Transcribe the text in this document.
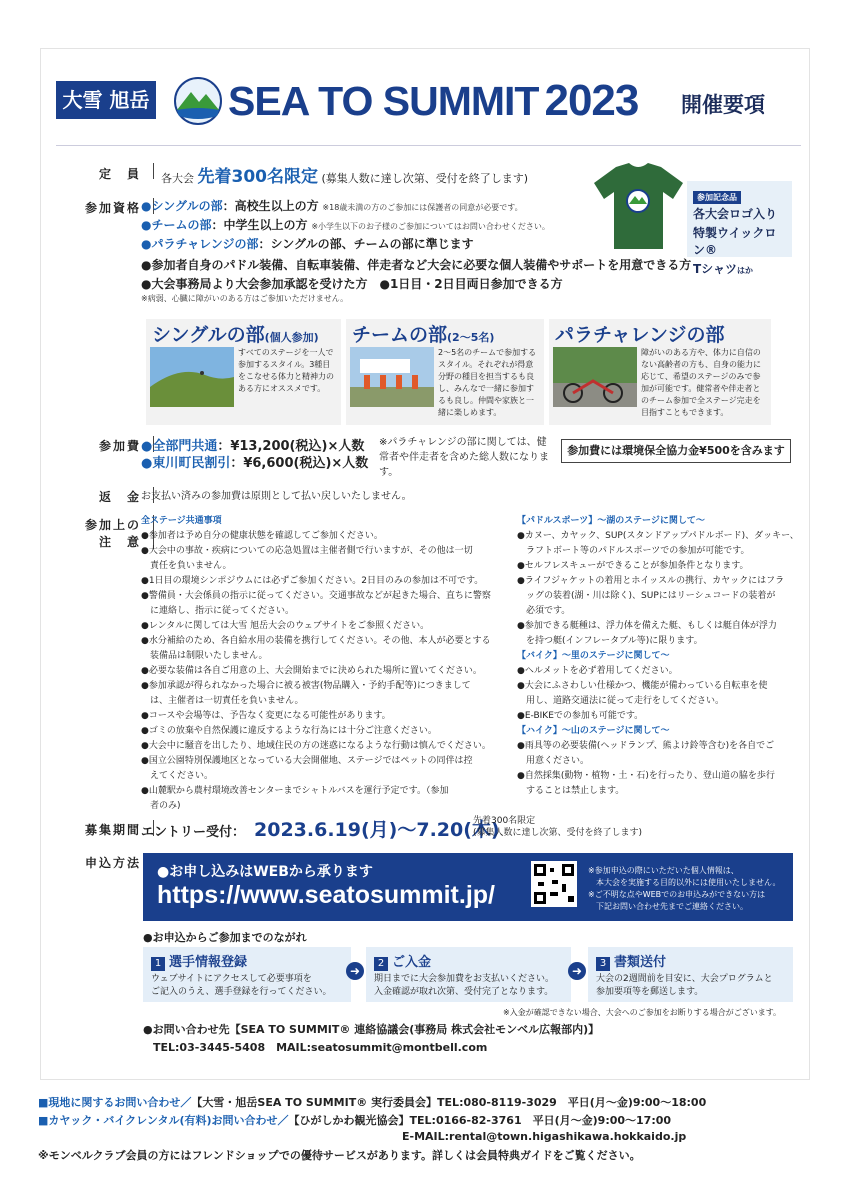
大雪 旭岳 SEA TO SUMMIT 2023 開催要項
定　員	各大会 先着300名限定 (募集人数に達し次第、受付を終了します)
参加資格 ●シングルの部：高校生以上の方 ※18歳未満の方のご参加には保護者の同意が必要です。
●チームの部：中学生以上の方 ※小学生以下のお子様のご参加についてはお問い合わせください。
●パラチャレンジの部：シングルの部、チームの部に準じます
●参加者自身のパドル装備、自転車装備、伴走者など大会に必要な個人装備やサポートを用意できる方
●大会事務局より大会参加承認を受けた方　●1日目・2日目両日参加できる方
※病弱、心臓に障がいのある方はご参加いただけません。
参加記念品
各大会ロゴ入り
特製ウイックロン®
Tシャツはか
シングルの部(個人参加)
すべてのステージを一人で参加するスタイル。3種目をこなせる体力と精神力のある方にオススメです。
チームの部(2〜5名)
2〜5名のチームで参加するスタイル。それぞれが得意分野の種目を担当するも良し、みんなで一緒に参加するも良し。仲間や家族と一緒に楽しめます。
パラチャレンジの部
障がいのある方や、体力に自信のない高齢者の方も、自身の能力に応じて、希望のステージのみで参加が可能です。健常者や伴走者とのチーム参加で全ステージ完走を目指すこともできます。
参加費 ●全部門共通：¥13,200(税込)×人数
●東川町民割引：¥6,600(税込)×人数
※パラチャレンジの部に関しては、健常者や伴走者を含めた総人数になります。
参加費には環境保全協力金¥500を含みます
返　金 お支払い済みの参加費は原則として払い戻しいたしません。
参加上の
注　意

全ステージ共通事項

●参加者は予め自分の健康状態を確認してご参加ください。

●大会中の事故・疾病についての応急処置は主催者側で行いますが、その他は一切

　責任を負いません。

●1日目の環境シンポジウムには必ずご参加ください。2日目のみの参加は不可です。

●警備員・大会係員の指示に従ってください。交通事故などが起きた場合、直ちに警察

　に連絡し、指示に従ってください。

●レンタルに関しては大雪 旭岳大会のウェブサイトをご参照ください。

●水分補給のため、各自給水用の装備を携行してください。その他、本人が必要とする

　装備品は制限いたしません。

●必要な装備は各自ご用意の上、大会開始までに決められた場所に置いてください。

●参加承認が得られなかった場合に被る被害(物品購入・予約手配等)につきまして

　は、主催者は一切責任を負いません。

●コースや会場等は、予告なく変更になる可能性があります。

●ゴミの放棄や自然保護に違反するような行為には十分ご注意ください。

●大会中に騒音を出したり、地域住民の方の迷惑になるような行動は慎んでください。

●国立公園特別保護地区となっている大会開催地、ステージではペットの同伴は控

　えてください。

●山麓駅から農村環境改善センターまでシャトルバスを運行予定です。（参加

　者のみ)

【パドルスポーツ】〜湖のステージに関して〜

●カヌー、カヤック、SUP(スタンドアップパドルボード)、ダッキー、

　ラフトボート等のパドルスポーツでの参加が可能です。

●セルフレスキューができることが参加条件となります。

●ライフジャケットの着用とホイッスルの携行、カヤックにはフラ

　ッグの装着(湖・川は除く)、SUPにはリーシュコードの装着が

　必須です。

●参加できる艇種は、浮力体を備えた艇、もしくは艇自体が浮力

　を持つ艇(インフレータブル等)に限ります。

【バイク】〜里のステージに関して〜

●ヘルメットを必ず着用してください。

●大会にふさわしい仕様かつ、機能が備わっている自転車を使

　用し、道路交通法に従って走行をしてください。

●E-BIKEでの参加も可能です。

【ハイク】〜山のステージに関して〜

●雨具等の必要装備(ヘッドランプ、熊よけ鈴等含む)を各自でご

　用意ください。

●自然採集(動物・植物・土・石)を行ったり、登山道の脇を歩行

　することは禁止します。

募集期間 エントリー受付： 2023.6.19(月)〜7.20(木)
先着300名限定
(募集人数に達し次第、受付を終了します)
申込方法
●お申し込みはWEBから承ります
https://www.seatosummit.jp/
※参加申込の際にいただいた個人情報は、
　本大会を実施する目的以外には使用いたしません。
※ご不明な点やWEBでのお申込みができない方は
　下記お問い合わせ先までご連絡ください。
●お申込からご参加までのながれ
1 選手情報登録
ウェブサイトにアクセスして必要事項を
ご記入のうえ、選手登録を行ってください。
➜
2 ご入金
期日までに大会参加費をお支払いください。
入金確認が取れ次第、受付完了となります。
➜
3 書類送付
大会の2週間前を目安に、大会プログラムと
参加要項等を郵送します。
※入金が確認できない場合、大会へのご参加をお断りする場合がございます。
●お問い合わせ先【SEA TO SUMMIT® 連絡協議会(事務局 株式会社モンベル広報部内)】
TEL:03-3445-5408　MAIL:seatosummit@montbell.com
■現地に関するお問い合わせ／【大雪・旭岳SEA TO SUMMIT® 実行委員会】TEL:080-8119-3029　平日(月〜金)9:00〜18:00
■カヤック・バイクレンタル(有料)お問い合わせ／【ひがしかわ観光協会】TEL:0166-82-3761　平日(月〜金)9:00〜17:00
E-MAIL:rental@town.higashikawa.hokkaido.jp
※モンベルクラブ会員の方にはフレンドショップでの優待サービスがあります。詳しくは会員特典ガイドをご覧ください。
